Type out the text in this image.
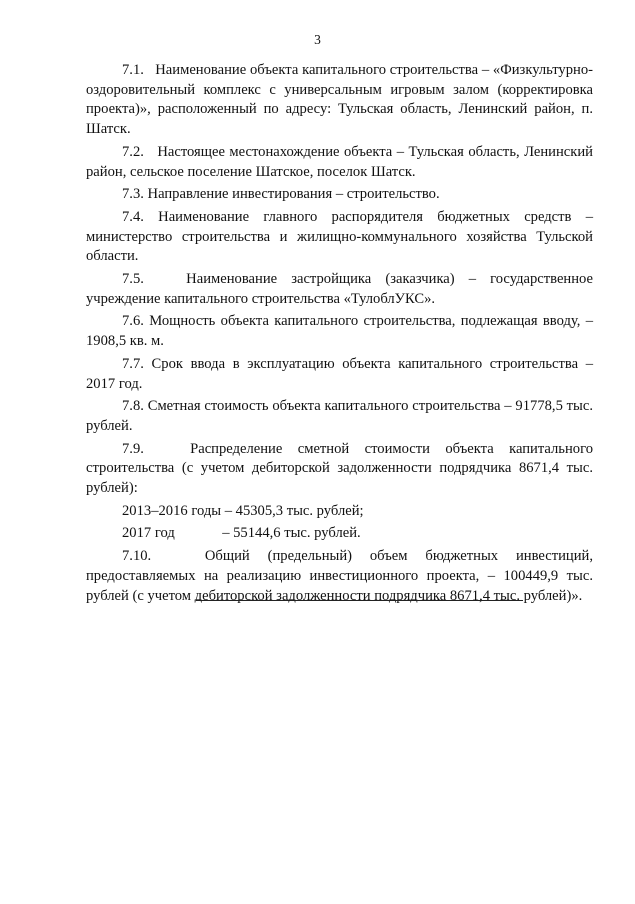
3

7.1.   Наименование объекта капитального строительства – «Физкультурно-оздоровительный комплекс с универсальным игровым залом (корректировка проекта)», расположенный по адресу: Тульская область, Ленинский район, п. Шатск.

7.2.   Настоящее местонахождение объекта – Тульская область, Ленинский район, сельское поселение Шатское, поселок Шатск.

7.3. Направление инвестирования – строительство.

7.4. Наименование главного распорядителя бюджетных средств – министерство строительства и жилищно-коммунального хозяйства Тульской области.

7.5.   Наименование застройщика (заказчика) – государственное учреждение капитального строительства «ТулоблУКС».

7.6. Мощность объекта капитального строительства, подлежащая вводу, – 1908,5 кв. м.

7.7. Срок ввода в эксплуатацию объекта капитального строительства – 2017 год.

7.8. Сметная стоимость объекта капитального строительства – 91778,5 тыс. рублей.

7.9.   Распределение сметной стоимости объекта капитального строительства (с учетом дебиторской задолженности подрядчика 8671,4 тыс. рублей):

2013–2016 годы – 45305,3 тыс. рублей;
2017 год             – 55144,6 тыс. рублей.

7.10.   Общий (предельный) объем бюджетных инвестиций, предоставляемых на реализацию инвестиционного проекта, – 100449,9 тыс. рублей (с учетом дебиторской задолженности подрядчика 8671,4 тыс. рублей)».
